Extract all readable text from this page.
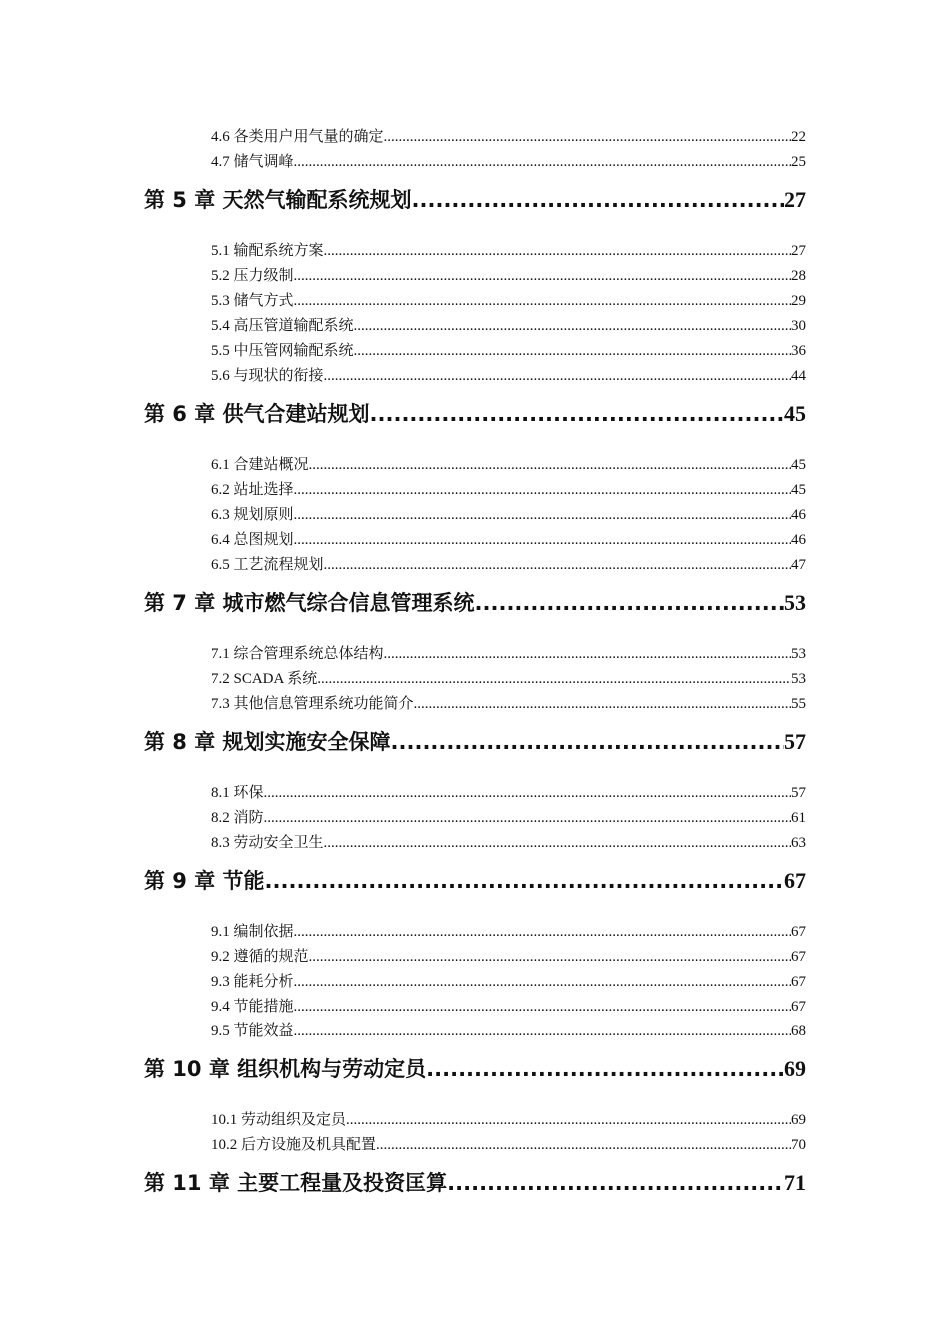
4.6 各类用户用气量的确定 .....	22
4.7 储气调峰 .....	25
第 5 章 天然气输配系统规划 .....	27
5.1 输配系统方案 .....	27
5.2 压力级制 .....	28
5.3 储气方式 .....	29
5.4 高压管道输配系统 .....	30
5.5 中压管网输配系统 .....	36
5.6 与现状的衔接 .....	44
第 6 章 供气合建站规划 .....	45
6.1 合建站概况 .....	45
6.2 站址选择 .....	45
6.3 规划原则 .....	46
6.4 总图规划 .....	46
6.5 工艺流程规划 .....	47
第 7 章 城市燃气综合信息管理系统 .....	53
7.1 综合管理系统总体结构 .....	53
7.2 SCADA 系统 .....	53
7.3 其他信息管理系统功能简介 .....	55
第 8 章 规划实施安全保障 .....	57
8.1 环保 .....	57
8.2 消防 .....	61
8.3 劳动安全卫生 .....	63
第 9 章 节能 .....	67
9.1 编制依据 .....	67
9.2 遵循的规范 .....	67
9.3 能耗分析 .....	67
9.4 节能措施 .....	67
9.5 节能效益 .....	68
第 10 章 组织机构与劳动定员 .....	69
10.1 劳动组织及定员 .....	69
10.2 后方设施及机具配置 .....	70
第 11 章 主要工程量及投资匡算 .....	71
